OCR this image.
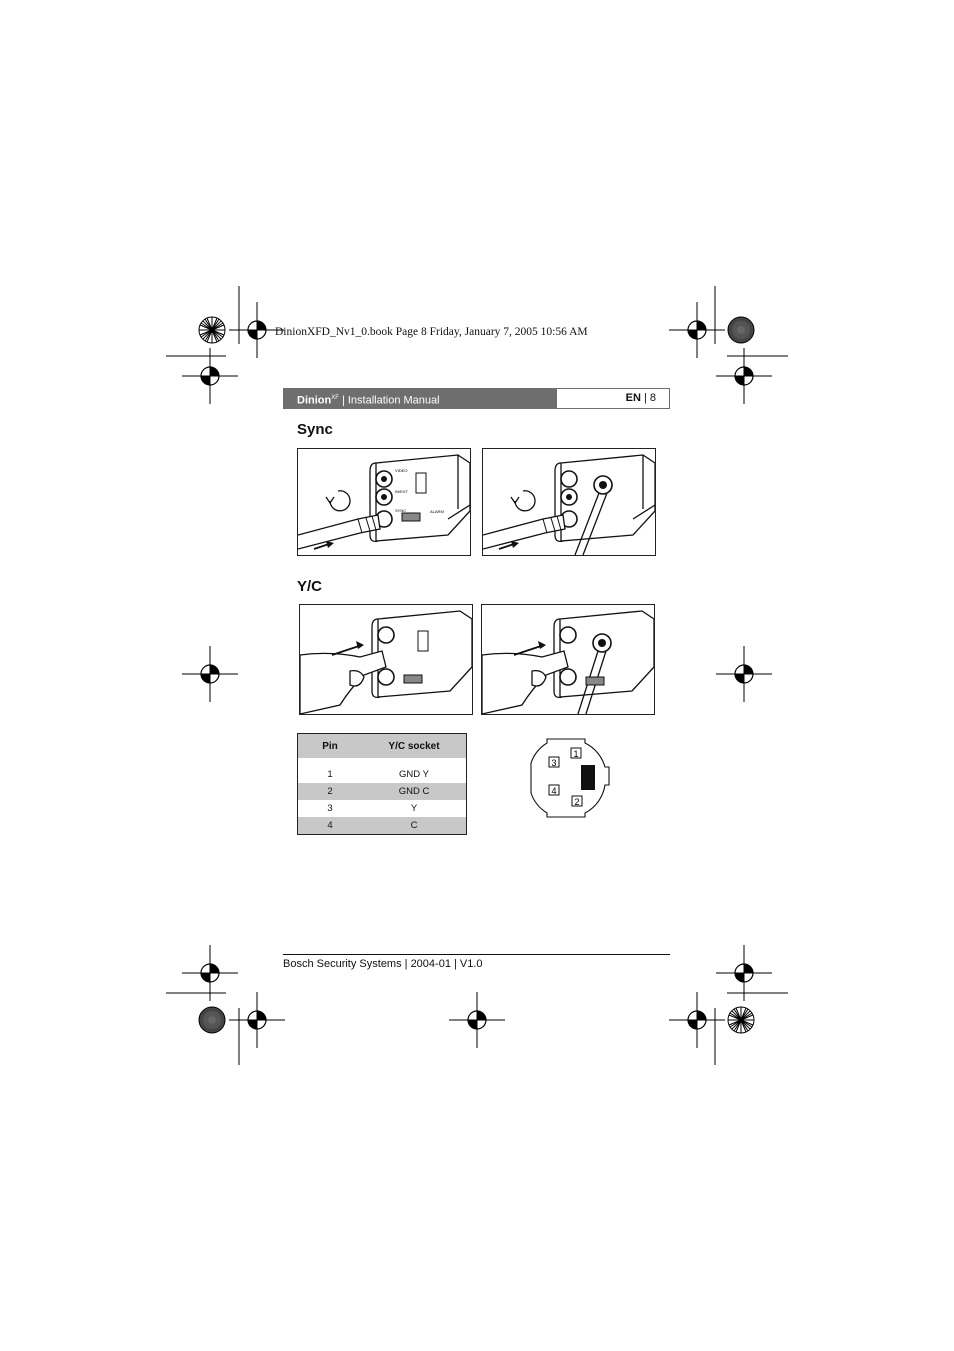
DinionXFD_Nv1_0.book Page 8 Friday, January 7, 2005 10:56 AM
Dinion$^{XF}$ | Installation Manual	EN | 8
Sync
VIDEO
IN/EXT
SYNC	ALARM
Y/C
Pin	Y/C socket

1	GND Y
2	GND C
3	Y
4	C
1
3
4
2
Bosch Security Systems | 2004-01 | V1.0
